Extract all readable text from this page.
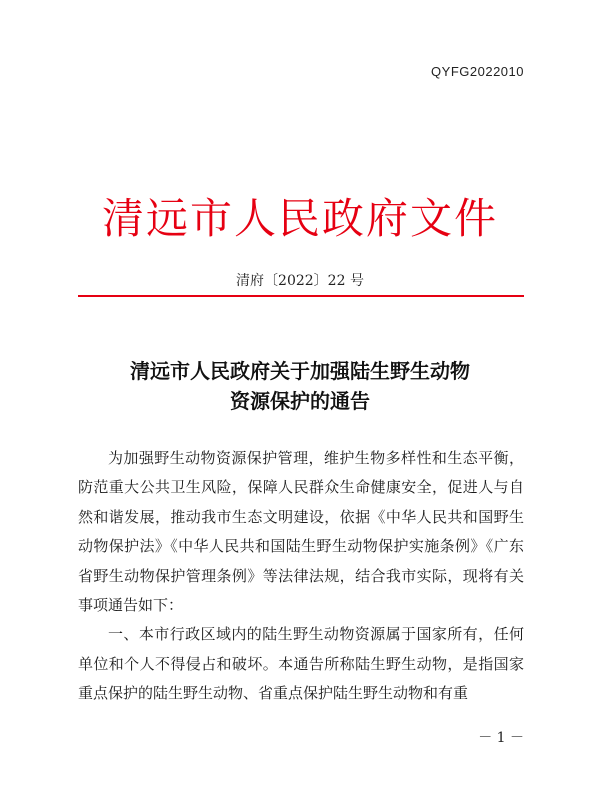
QYFG2022010
清远市人民政府文件
清府〔2022〕22 号
清远市人民政府关于加强陆生野生动物
资源保护的通告

为加强野生动物资源保护管理，维护生物多样性和生态平衡，防范重大公共卫生风险，保障人民群众生命健康安全，促进人与自然和谐发展，推动我市生态文明建设，依据《中华人民共和国野生动物保护法》《中华人民共和国陆生野生动物保护实施条例》《广东省野生动物保护管理条例》等法律法规，结合我市实际，现将有关事项通告如下：

一、本市行政区域内的陆生野生动物资源属于国家所有，任何单位和个人不得侵占和破坏。本通告所称陆生野生动物，是指国家重点保护的陆生野生动物、省重点保护陆生野生动物和有重

－ 1 －
